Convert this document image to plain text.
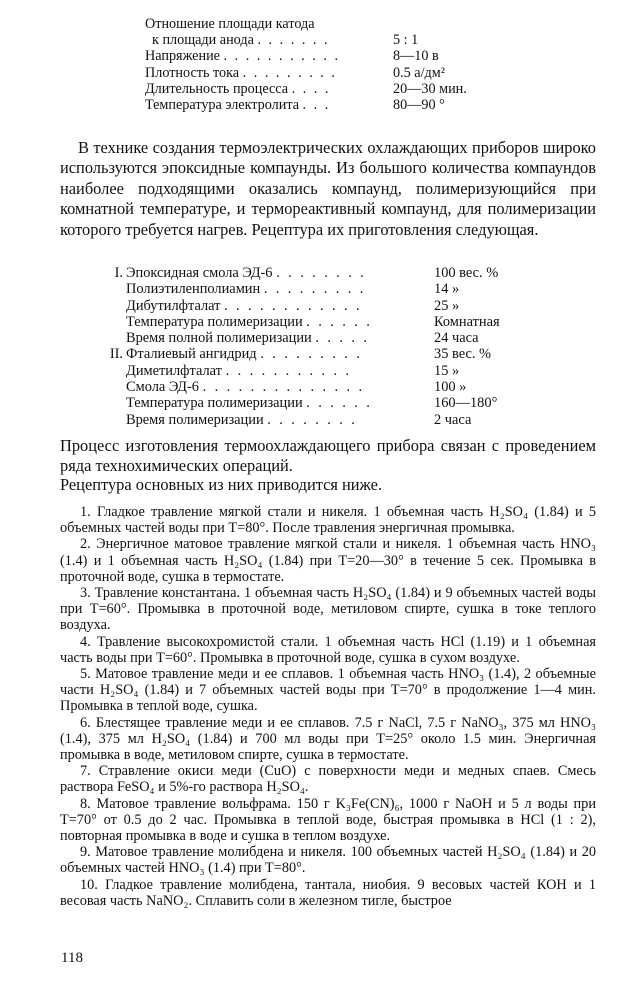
Отношение площади катода
к площади анода . . . . . . .	5 : 1
Напряжение . . . . . . . . . . .	8—10 в
Плотность тока . . . . . . . . .	0.5 а/дм²
Длительность процесса . . . .	20—30 мин.
Температура электролита . . .	80—90 °

В технике создания термоэлектрических охлаждающих приборов широко используются эпоксидные компаунды. Из большого количества компаундов наиболее подходящими оказались компаунд, полимеризующийся при комнатной температуре, и термореактивный компаунд, для полимеризации которого требуется нагрев. Рецептура их приготовления следующая.

I. Эпоксидная смола ЭД-6 . . . . . . . .	100 вес. %
Полиэтиленполиамин . . . . . . . . .	14 »
Дибутилфталат . . . . . . . . . . . .	25 »
Температура полимеризации . . . . . .	Комнатная
Время полной полимеризации . . . . .	24 часа
II. Фталиевый ангидрид . . . . . . . . .	35 вес. %
Диметилфталат . . . . . . . . . . .	15 »
Смола ЭД-6 . . . . . . . . . . . . . .	100 »
Температура полимеризации . . . . . .	160—180°
Время полимеризации . . . . . . . .	2 часа

Процесс изготовления термоохлаждающего прибора связан с проведением ряда технохимических операций.

Рецептура основных из них приводится ниже.

1. Гладкое травление мягкой стали и никеля. 1 объемная часть H₂SO₄ (1.84) и 5 объемных частей воды при T=80°. После травления энергичная промывка.

2. Энергичное матовое травление мягкой стали и никеля. 1 объемная часть HNO₃ (1.4) и 1 объемная часть H₂SO₄ (1.84) при T=20—30° в течение 5 сек. Промывка в проточной воде, сушка в термостате.

3. Травление константана. 1 объемная часть H₂SO₄ (1.84) и 9 объемных частей воды при T=60°. Промывка в проточной воде, метиловом спирте, сушка в токе теплого воздуха.

4. Травление высокохромистой стали. 1 объемная часть HCl (1.19) и 1 объемная часть воды при T=60°. Промывка в проточной воде, сушка в сухом воздухе.

5. Матовое травление меди и ее сплавов. 1 объемная часть HNO₃ (1.4), 2 объемные части H₂SO₄ (1.84) и 7 объемных частей воды при T=70° в продолжение 1—4 мин. Промывка в теплой воде, сушка.

6. Блестящее травление меди и ее сплавов. 7.5 г NaCl, 7.5 г NaNO₃, 375 мл HNO₃ (1.4), 375 мл H₂SO₄ (1.84) и 700 мл воды при T=25° около 1.5 мин. Энергичная промывка в воде, метиловом спирте, сушка в термостате.

7. Стравление окиси меди (CuO) с поверхности меди и медных спаев. Смесь раствора FeSO₄ и 5%-го раствора H₂SO₄.

8. Матовое травление вольфрама. 150 г K₃Fe(CN)₆, 1000 г NaOH и 5 л воды при T=70° от 0.5 до 2 час. Промывка в теплой воде, быстрая промывка в HCl (1 : 2), повторная промывка в воде и сушка в теплом воздухе.

9. Матовое травление молибдена и никеля. 100 объемных частей H₂SO₄ (1.84) и 20 объемных частей HNO₃ (1.4) при T=80°.

10. Гладкое травление молибдена, тантала, ниобия. 9 весовых частей КОН и 1 весовая часть NaNO₂. Сплавить соли в железном тигле, быстрое

118
